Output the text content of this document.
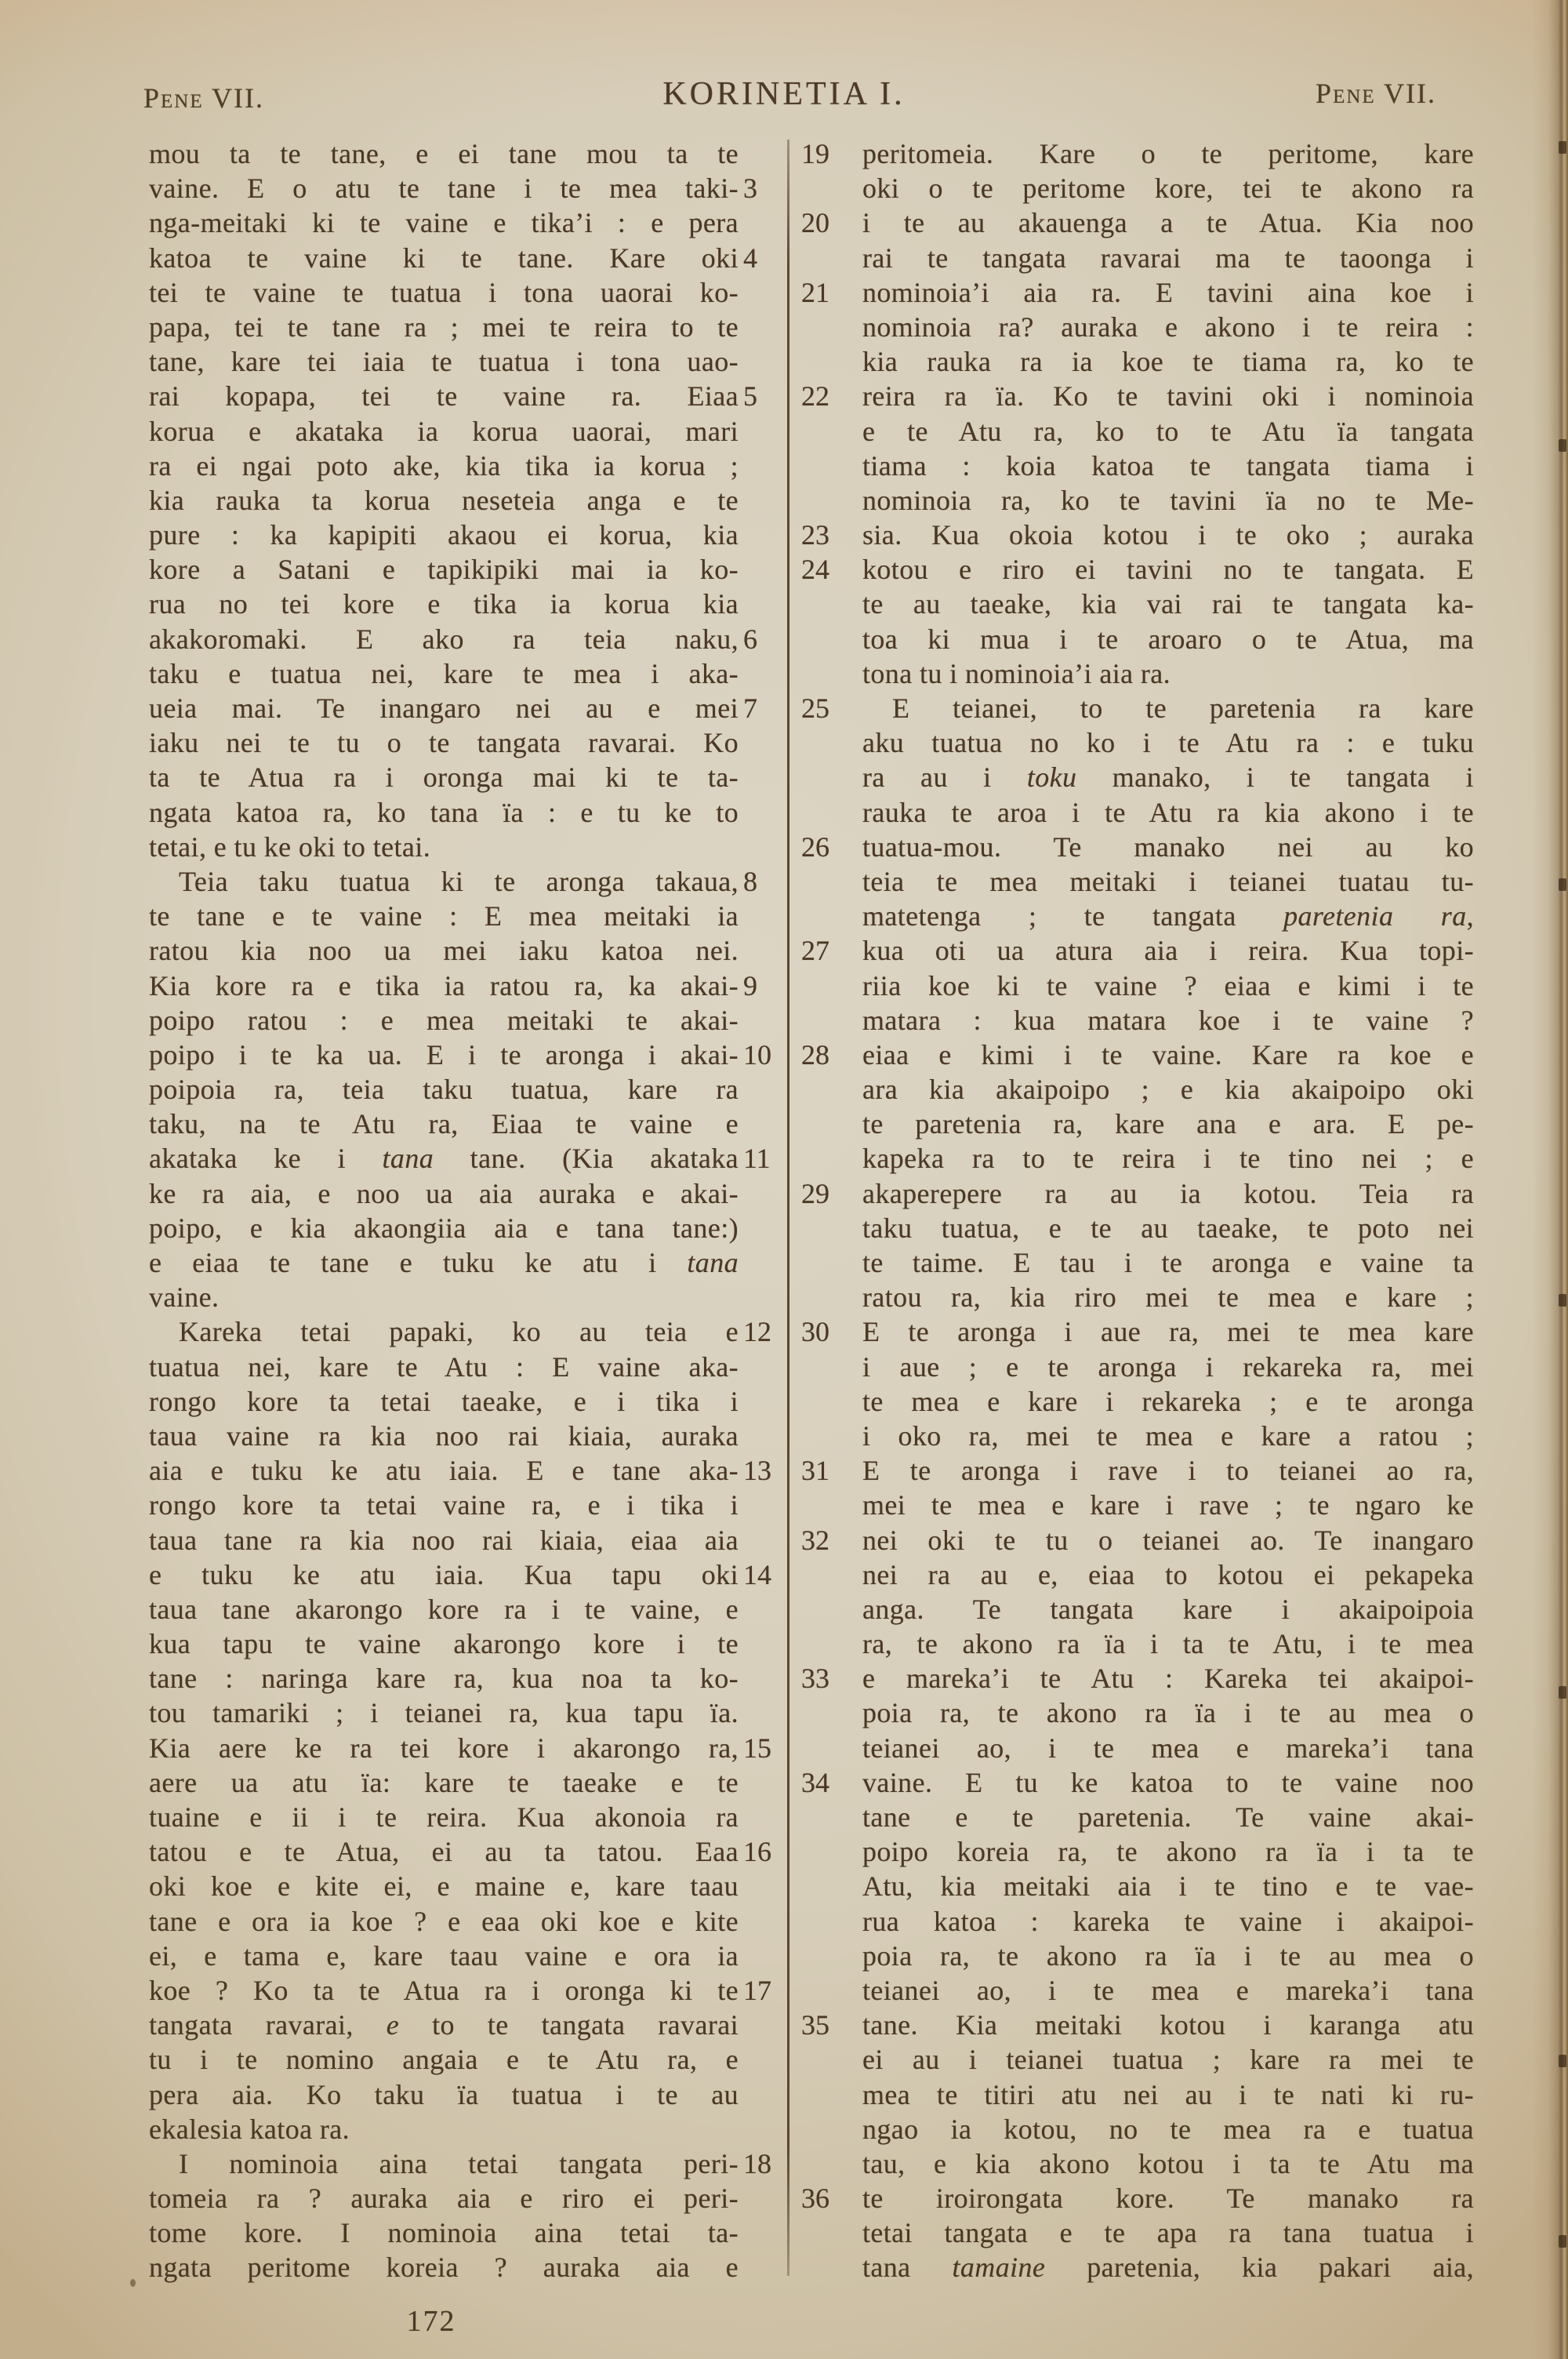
Pene VII.	KORINETIA I.	Pene VII.
mou ta te tane, e ei tane mou ta te
3
vaine. E o atu te tane i te mea taki-
nga-meitaki ki te vaine e tika’i : e pera
4
katoa te vaine ki te tane. Kare oki
tei te vaine te tuatua i tona uaorai ko-
papa, tei te tane ra ; mei te reira to te
tane, kare tei iaia te tuatua i tona uao-
5
rai kopapa, tei te vaine ra. Eiaa
korua e akataka ia korua uaorai, mari
ra ei ngai poto ake, kia tika ia korua ;
kia rauka ta korua neseteia anga e te
pure : ka kapipiti akaou ei korua, kia
kore a Satani e tapikipiki mai ia ko-
rua no tei kore e tika ia korua kia
6
akakoromaki. E ako ra teia naku,
taku e tuatua nei, kare te mea i aka-
7
ueia mai. Te inangaro nei au e mei
iaku nei te tu o te tangata ravarai. Ko
ta te Atua ra i oronga mai ki te ta-
ngata katoa ra, ko tana ïa : e tu ke to
tetai, e tu ke oki to tetai.
8
Teia taku tuatua ki te aronga takaua,
te tane e te vaine : E mea meitaki ia
ratou kia noo ua mei iaku katoa nei.
9
Kia kore ra e tika ia ratou ra, ka akai-
poipo ratou : e mea meitaki te akai-
10
poipo i te ka ua. E i te aronga i akai-
poipoia ra, teia taku tuatua, kare ra
taku, na te Atu ra, Eiaa te vaine e
11
akataka ke i tana tane. (Kia akataka
ke ra aia, e noo ua aia auraka e akai-
poipo, e kia akaongiia aia e tana tane:)
e eiaa te tane e tuku ke atu i tana
vaine.
12
Kareka tetai papaki, ko au teia e
tuatua nei, kare te Atu : E vaine aka-
rongo kore ta tetai taeake, e i tika i
taua vaine ra kia noo rai kiaia, auraka
13
aia e tuku ke atu iaia. E e tane aka-
rongo kore ta tetai vaine ra, e i tika i
taua tane ra kia noo rai kiaia, eiaa aia
14
e tuku ke atu iaia. Kua tapu oki
taua tane akarongo kore ra i te vaine, e
kua tapu te vaine akarongo kore i te
tane : naringa kare ra, kua noa ta ko-
tou tamariki ; i teianei ra, kua tapu ïa.
15
Kia aere ke ra tei kore i akarongo ra,
aere ua atu ïa: kare te taeake e te
tuaine e ii i te reira. Kua akonoia ra
16
tatou e te Atua, ei au ta tatou. Eaa
oki koe e kite ei, e maine e, kare taau
tane e ora ia koe ? e eaa oki koe e kite
ei, e tama e, kare taau vaine e ora ia
17
koe ? Ko ta te Atua ra i oronga ki te
tangata ravarai, e to te tangata ravarai
tu i te nomino angaia e te Atu ra, e
pera aia. Ko taku ïa tuatua i te au
ekalesia katoa ra.
18
I nominoia aina tetai tangata peri-
tomeia ra ? auraka aia e riro ei peri-
tome kore. I nominoia aina tetai ta-
ngata peritome koreia ? auraka aia e
19	peritomeia. Kare o te peritome, kare
oki o te peritome kore, tei te akono ra
20	i te au akauenga a te Atua. Kia noo
rai te tangata ravarai ma te taoonga i
21	nominoia’i aia ra. E tavini aina koe i
nominoia ra? auraka e akono i te reira :
kia rauka ra ia koe te tiama ra, ko te
22	reira ra ïa. Ko te tavini oki i nominoia
e te Atu ra, ko to te Atu ïa tangata
tiama : koia katoa te tangata tiama i
nominoia ra, ko te tavini ïa no te Me-
23	sia. Kua okoia kotou i te oko ; auraka
24	kotou e riro ei tavini no te tangata. E
te au taeake, kia vai rai te tangata ka-
toa ki mua i te aroaro o te Atua, ma
tona tu i nominoia’i aia ra.
25	E teianei, to te paretenia ra kare
aku tuatua no ko i te Atu ra : e tuku
ra au i toku manako, i te tangata i
rauka te aroa i te Atu ra kia akono i te
26	tuatua-mou. Te manako nei au ko
teia te mea meitaki i teianei tuatau tu-
matetenga ; te tangata paretenia ra,
27	kua oti ua atura aia i reira. Kua topi-
riia koe ki te vaine ? eiaa e kimi i te
matara : kua matara koe i te vaine ?
28	eiaa e kimi i te vaine. Kare ra koe e
ara kia akaipoipo ; e kia akaipoipo oki
te paretenia ra, kare ana e ara. E pe-
kapeka ra to te reira i te tino nei ; e
29	akaperepere ra au ia kotou. Teia ra
taku tuatua, e te au taeake, te poto nei
te taime. E tau i te aronga e vaine ta
ratou ra, kia riro mei te mea e kare ;
30	E te aronga i aue ra, mei te mea kare
i aue ; e te aronga i rekareka ra, mei
te mea e kare i rekareka ; e te aronga
i oko ra, mei te mea e kare a ratou ;
31	E te aronga i rave i to teianei ao ra,
mei te mea e kare i rave ; te ngaro ke
32	nei oki te tu o teianei ao. Te inangaro
nei ra au e, eiaa to kotou ei pekapeka
anga. Te tangata kare i akaipoipoia
ra, te akono ra ïa i ta te Atu, i te mea
33	e mareka’i te Atu : Kareka tei akaipoi-
poia ra, te akono ra ïa i te au mea o
teianei ao, i te mea e mareka’i tana
34	vaine. E tu ke katoa to te vaine noo
tane e te paretenia. Te vaine akai-
poipo koreia ra, te akono ra ïa i ta te
Atu, kia meitaki aia i te tino e te vae-
rua katoa : kareka te vaine i akaipoi-
poia ra, te akono ra ïa i te au mea o
teianei ao, i te mea e mareka’i tana
35	tane. Kia meitaki kotou i karanga atu
ei au i teianei tuatua ; kare ra mei te
mea te titiri atu nei au i te nati ki ru-
ngao ia kotou, no te mea ra e tuatua
tau, e kia akono kotou i ta te Atu ma
36	te iroirongata kore. Te manako ra
tetai tangata e te apa ra tana tuatua i
tana tamaine paretenia, kia pakari aia,
172
